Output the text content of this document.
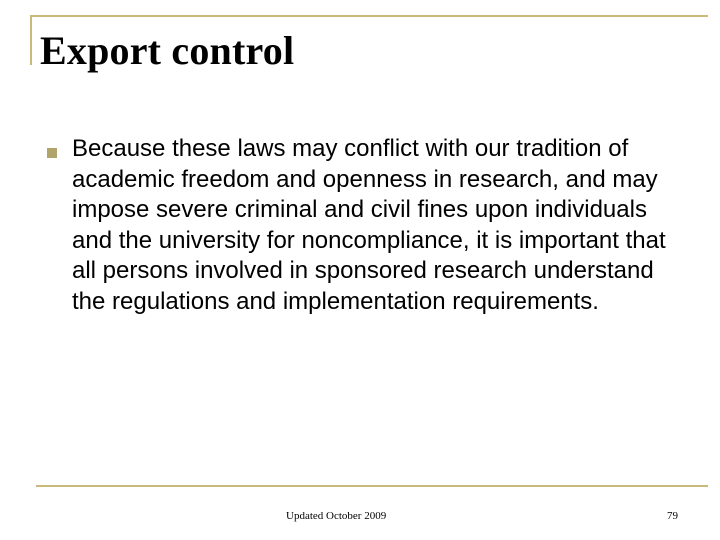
Export control

Because these laws may conflict with our tradition of academic freedom and openness in research, and may impose severe criminal and civil fines upon individuals and the university for noncompliance, it is important that all persons involved in sponsored research understand the regulations and implementation requirements.

Updated October 2009	79
